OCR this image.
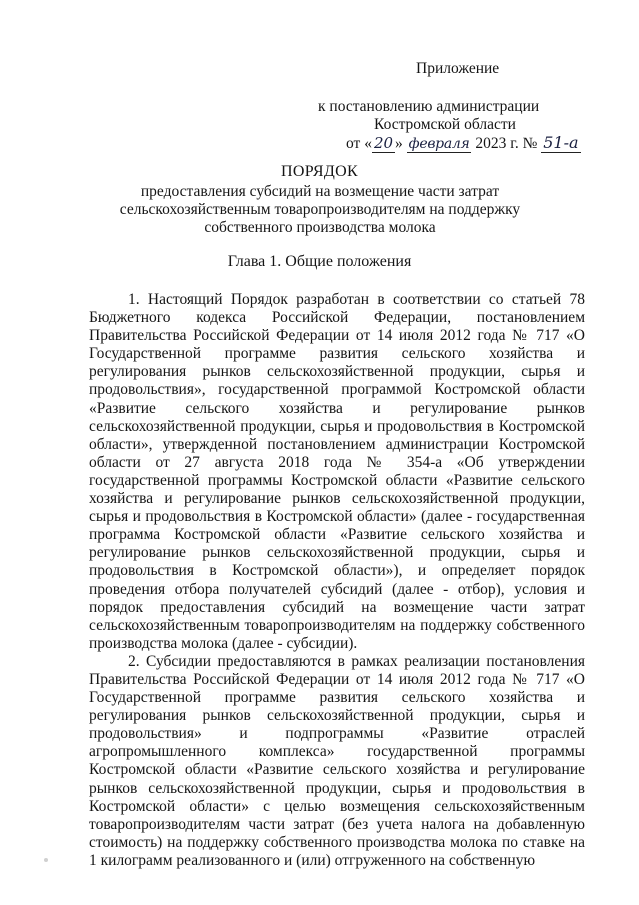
Приложение
к постановлению администрации
Костромской области
от « 20 » февраля 2023 г. № 51-а
ПОРЯДОК
предоставления субсидий на возмещение части затрат
сельскохозяйственным товаропроизводителям на поддержку
собственного производства молока
Глава 1. Общие положения

1. Настоящий Порядок разработан в соответствии со статьей 78 Бюджетного кодекса Российской Федерации, постановлением Правительства Российской Федерации от 14 июля 2012 года № 717 «О Государственной программе развития сельского хозяйства и регулирования рынков сельскохозяйственной продукции, сырья и продовольствия», государственной программой Костромской области «Развитие сельского хозяйства и регулирование рынков сельскохозяйственной продукции, сырья и продовольствия в Костромской области», утвержденной постановлением администрации Костромской области от 27 августа 2018 года № 354-а «Об утверждении государственной программы Костромской области «Развитие сельского хозяйства и регулирование рынков сельскохозяйственной продукции, сырья и продовольствия в Костромской области» (далее - государственная программа Костромской области «Развитие сельского хозяйства и регулирование рынков сельскохозяйственной продукции, сырья и продовольствия в Костромской области»), и определяет порядок проведения отбора получателей субсидий (далее - отбор), условия и порядок предоставления субсидий на возмещение части затрат сельскохозяйственным товаропроизводителям на поддержку собственного производства молока (далее - субсидии).

2. Субсидии предоставляются в рамках реализации постановления Правительства Российской Федерации от 14 июля 2012 года № 717 «О Государственной программе развития сельского хозяйства и регулирования рынков сельскохозяйственной продукции, сырья и продовольствия» и подпрограммы «Развитие отраслей агропромышленного комплекса» государственной программы Костромской области «Развитие сельского хозяйства и регулирование рынков сельскохозяйственной продукции, сырья и продовольствия в Костромской области» с целью возмещения сельскохозяйственным товаропроизводителям части затрат (без учета налога на добавленную стоимость) на поддержку собственного производства молока по ставке на 1 килограмм реализованного и (или) отгруженного на собственную
